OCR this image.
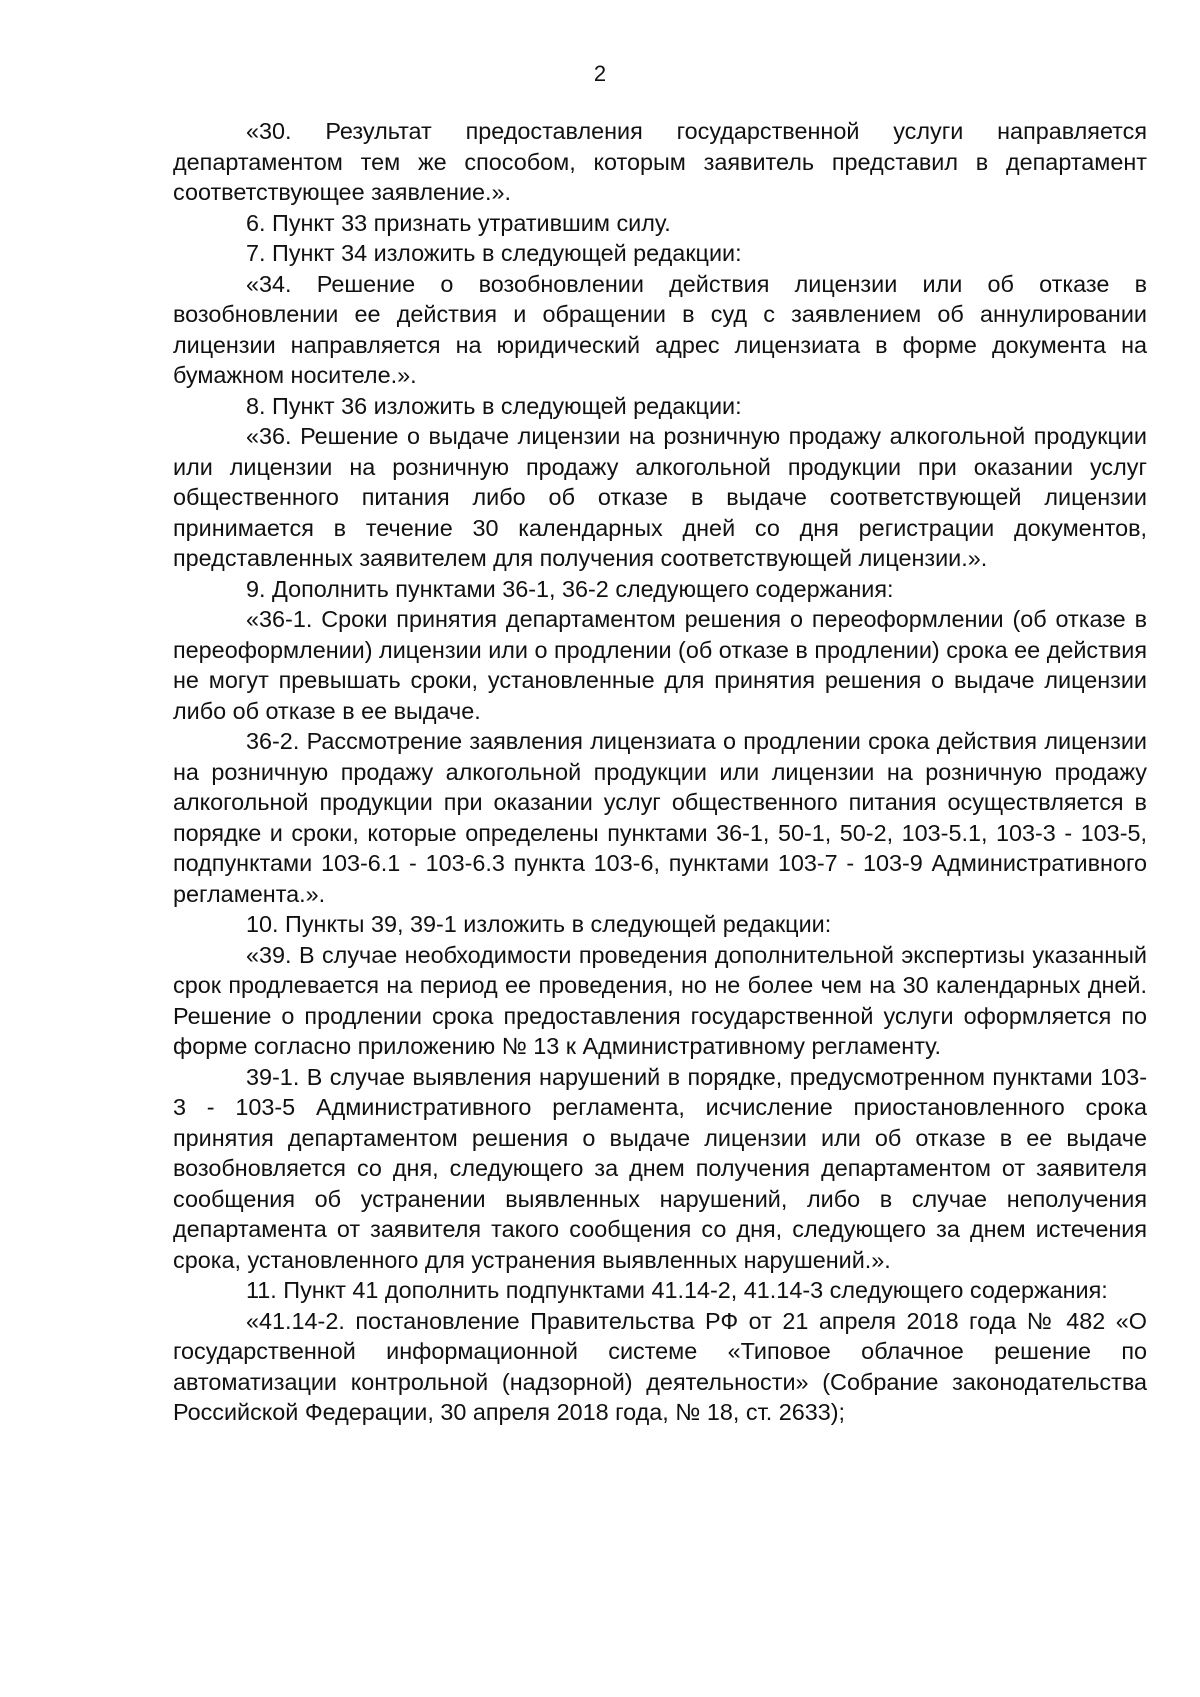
2

«30. Результат предоставления государственной услуги направляется департаментом тем же способом, которым заявитель представил в департамент соответствующее заявление.».

6. Пункт 33 признать утратившим силу.

7. Пункт 34 изложить в следующей редакции:

«34. Решение о возобновлении действия лицензии или об отказе в возобновлении ее действия и обращении в суд с заявлением об аннулировании лицензии направляется на юридический адрес лицензиата в форме документа на бумажном носителе.».

8. Пункт 36 изложить в следующей редакции:

«36. Решение о выдаче лицензии на розничную продажу алкогольной продукции или лицензии на розничную продажу алкогольной продукции при оказании услуг общественного питания либо об отказе в выдаче соответствующей лицензии принимается в течение 30 календарных дней со дня регистрации документов, представленных заявителем для получения соответствующей лицензии.».

9. Дополнить пунктами 36-1, 36-2 следующего содержания:

«36-1. Сроки принятия департаментом решения о переоформлении (об отказе в переоформлении) лицензии или о продлении (об отказе в продлении) срока ее действия не могут превышать сроки, установленные для принятия решения о выдаче лицензии либо об отказе в ее выдаче.

36-2. Рассмотрение заявления лицензиата о продлении срока действия лицензии на розничную продажу алкогольной продукции или лицензии на розничную продажу алкогольной продукции при оказании услуг общественного питания осуществляется в порядке и сроки, которые определены пунктами 36-1, 50-1, 50-2, 103-5.1, 103-3 - 103-5, подпунктами 103-6.1 - 103-6.3 пункта 103-6, пунктами 103-7 - 103-9 Административного регламента.».

10. Пункты 39, 39-1 изложить в следующей редакции:

«39. В случае необходимости проведения дополнительной экспертизы указанный срок продлевается на период ее проведения, но не более чем на 30 календарных дней. Решение о продлении срока предоставления государственной услуги оформляется по форме согласно приложению № 13 к Административному регламенту.

39-1. В случае выявления нарушений в порядке, предусмотренном пунктами 103-3 - 103-5 Административного регламента, исчисление приостановленного срока принятия департаментом решения о выдаче лицензии или об отказе в ее выдаче возобновляется со дня, следующего за днем получения департаментом от заявителя сообщения об устранении выявленных нарушений, либо в случае неполучения департамента от заявителя такого сообщения со дня, следующего за днем истечения срока, установленного для устранения выявленных нарушений.».

11. Пункт 41 дополнить подпунктами 41.14-2, 41.14-3 следующего содержания:

«41.14-2. постановление Правительства РФ от 21 апреля 2018 года № 482 «О государственной информационной системе «Типовое облачное решение по автоматизации контрольной (надзорной) деятельности» (Собрание законодательства Российской Федерации, 30 апреля 2018 года, № 18, ст. 2633);
